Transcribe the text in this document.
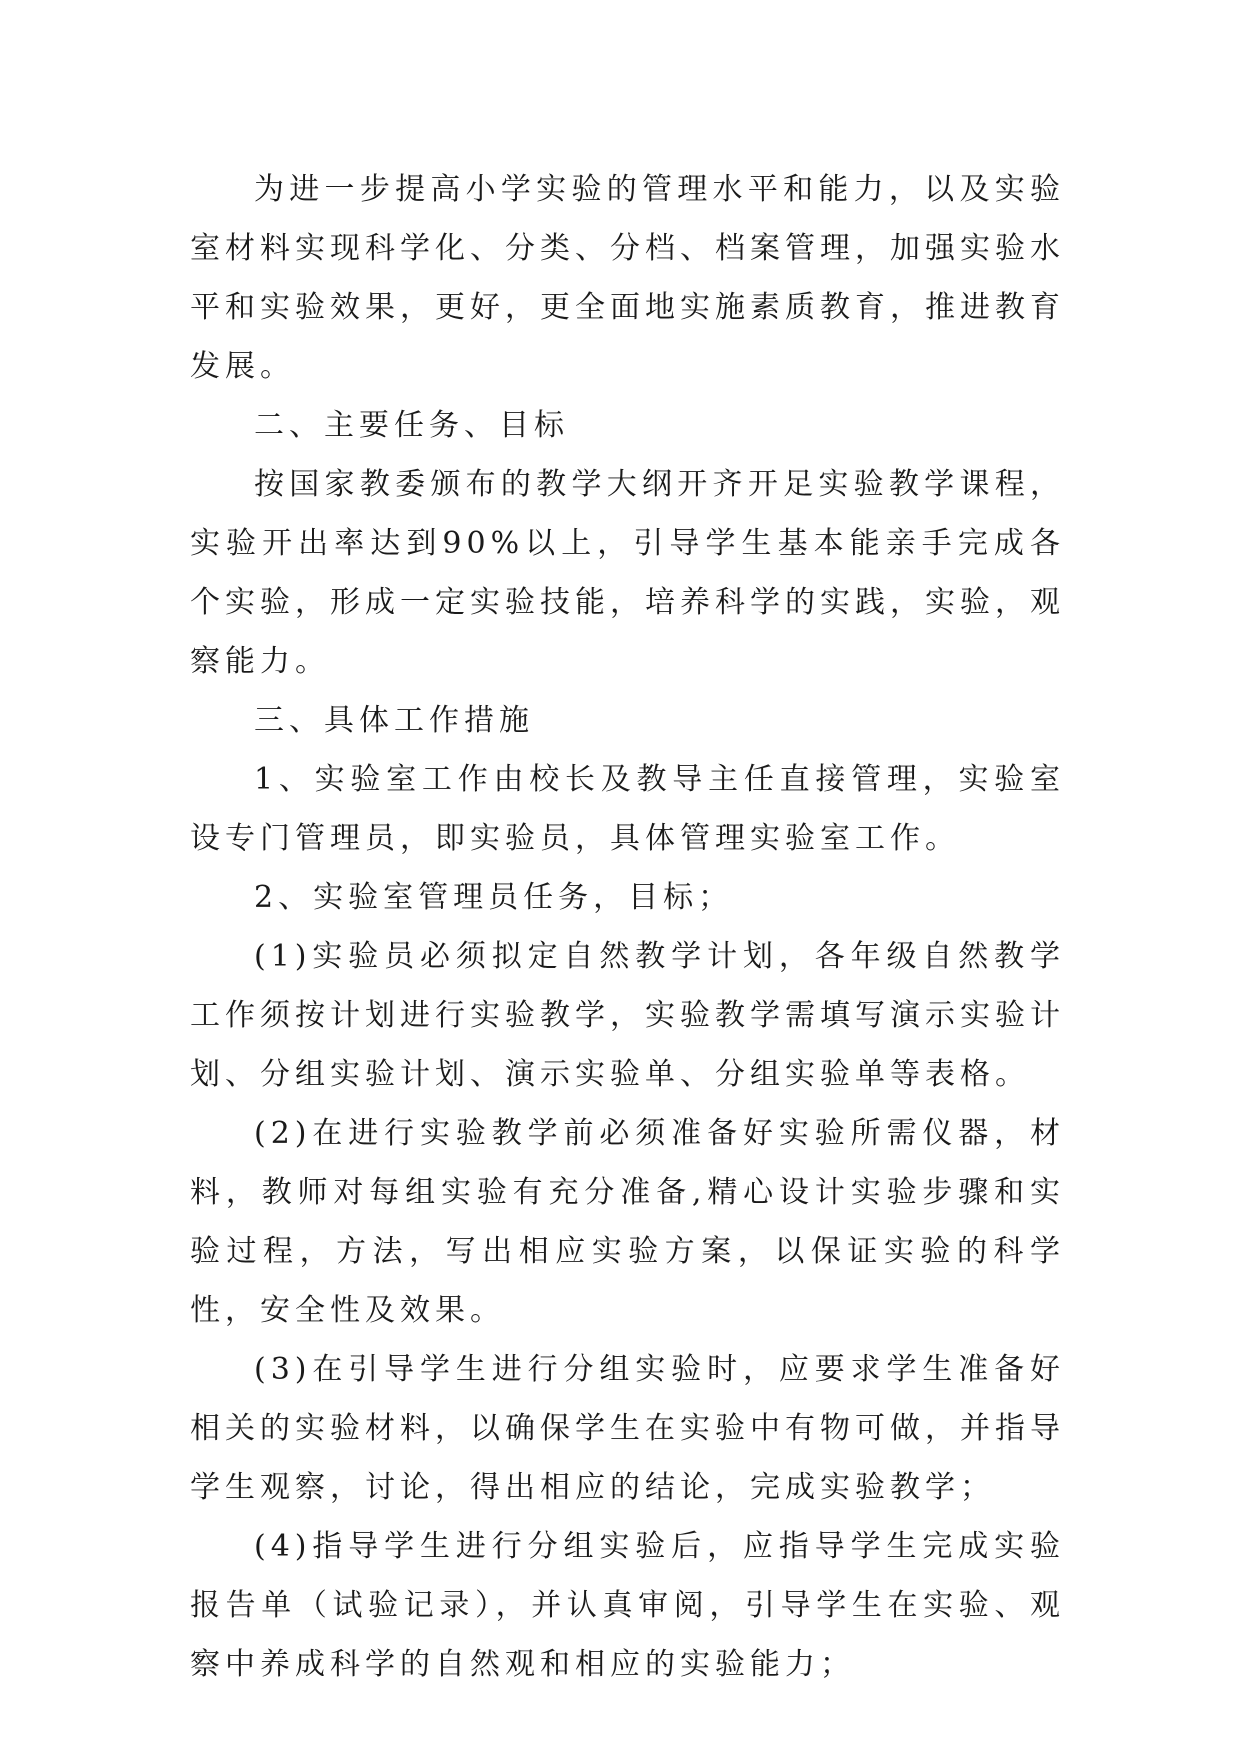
为进一步提高小学实验的管理水平和能力，以及实验室材料实现科学化、分类、分档、档案管理，加强实验水平和实验效果，更好，更全面地实施素质教育，推进教育发展。

二、主要任务、目标

按国家教委颁布的教学大纲开齐开足实验教学课程，实验开出率达到90%以上，引导学生基本能亲手完成各个实验，形成一定实验技能，培养科学的实践，实验，观察能力。

三、具体工作措施

1、实验室工作由校长及教导主任直接管理，实验室设专门管理员，即实验员，具体管理实验室工作。

2、实验室管理员任务，目标；

(1)实验员必须拟定自然教学计划，各年级自然教学工作须按计划进行实验教学，实验教学需填写演示实验计划、分组实验计划、演示实验单、分组实验单等表格。

(2)在进行实验教学前必须准备好实验所需仪器，材料，教师对每组实验有充分准备,精心设计实验步骤和实验过程，方法，写出相应实验方案，以保证实验的科学性，安全性及效果。

(3)在引导学生进行分组实验时，应要求学生准备好相关的实验材料，以确保学生在实验中有物可做，并指导学生观察，讨论，得出相应的结论，完成实验教学；

(4)指导学生进行分组实验后，应指导学生完成实验报告单（试验记录），并认真审阅，引导学生在实验、观察中养成科学的自然观和相应的实验能力；
